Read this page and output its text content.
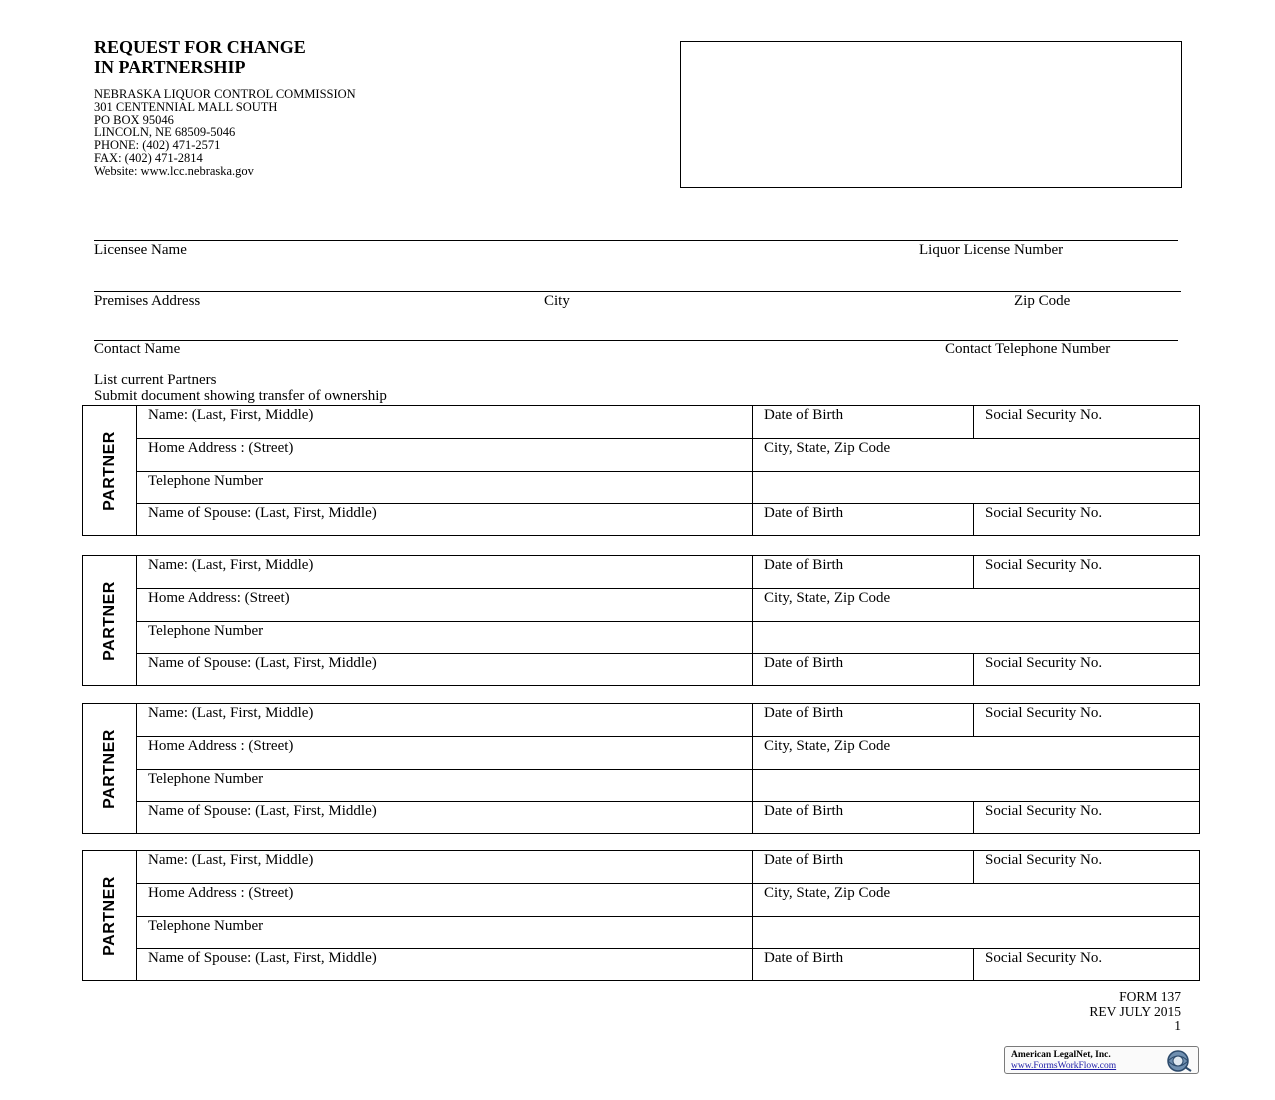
REQUEST FOR CHANGE
IN PARTNERSHIP
NEBRASKA LIQUOR CONTROL COMMISSION
301 CENTENNIAL MALL SOUTH
PO BOX 95046
LINCOLN, NE 68509-5046
PHONE: (402) 471-2571
FAX: (402) 471-2814
Website: www.lcc.nebraska.gov
Licensee Name	Liquor License Number
Premises Address	City	Zip Code
Contact Name	Contact Telephone Number
List current Partners
Submit document showing transfer of ownership
PARTNER
Name: (Last, First, Middle)	Date of Birth	Social Security No.
Home Address : (Street)	City, State, Zip Code
Telephone Number
Name of Spouse: (Last, First, Middle)	Date of Birth	Social Security No.
PARTNER
Name: (Last, First, Middle)	Date of Birth	Social Security No.
Home Address: (Street)	City, State, Zip Code
Telephone Number
Name of Spouse: (Last, First, Middle)	Date of Birth	Social Security No.
PARTNER
Name: (Last, First, Middle)	Date of Birth	Social Security No.
Home Address : (Street)	City, State, Zip Code
Telephone Number
Name of Spouse: (Last, First, Middle)	Date of Birth	Social Security No.
PARTNER
Name: (Last, First, Middle)	Date of Birth	Social Security No.
Home Address : (Street)	City, State, Zip Code
Telephone Number
Name of Spouse: (Last, First, Middle)	Date of Birth	Social Security No.
FORM 137
REV JULY 2015
1
American LegalNet, Inc.
www.FormsWorkFlow.com
